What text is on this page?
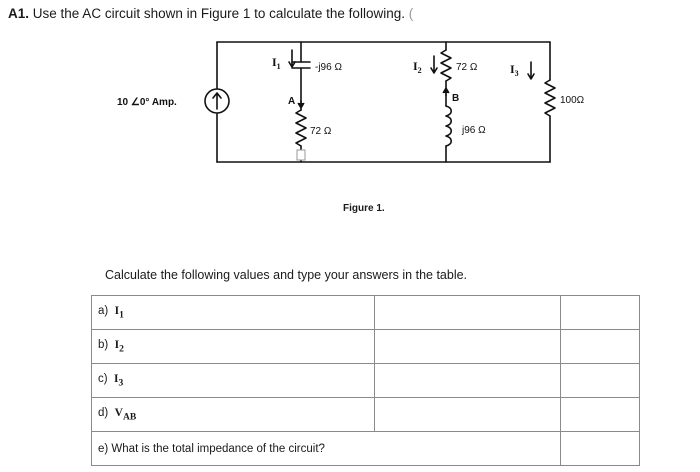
A1. Use the AC circuit shown in Figure 1 to calculate the following. (
10 ∠0° Amp.
-j96 Ω
72 Ω
72 Ω
j96 Ω
100Ω
A	B
$I_1$	$I_2$	$I_3$
Figure 1.
Calculate the following values and type your answers in the table.
a) $I_1$		
b) $I_2$		
c) $I_3$		
d) $V_{AB}$		
e) What is the total impedance of the circuit?		
